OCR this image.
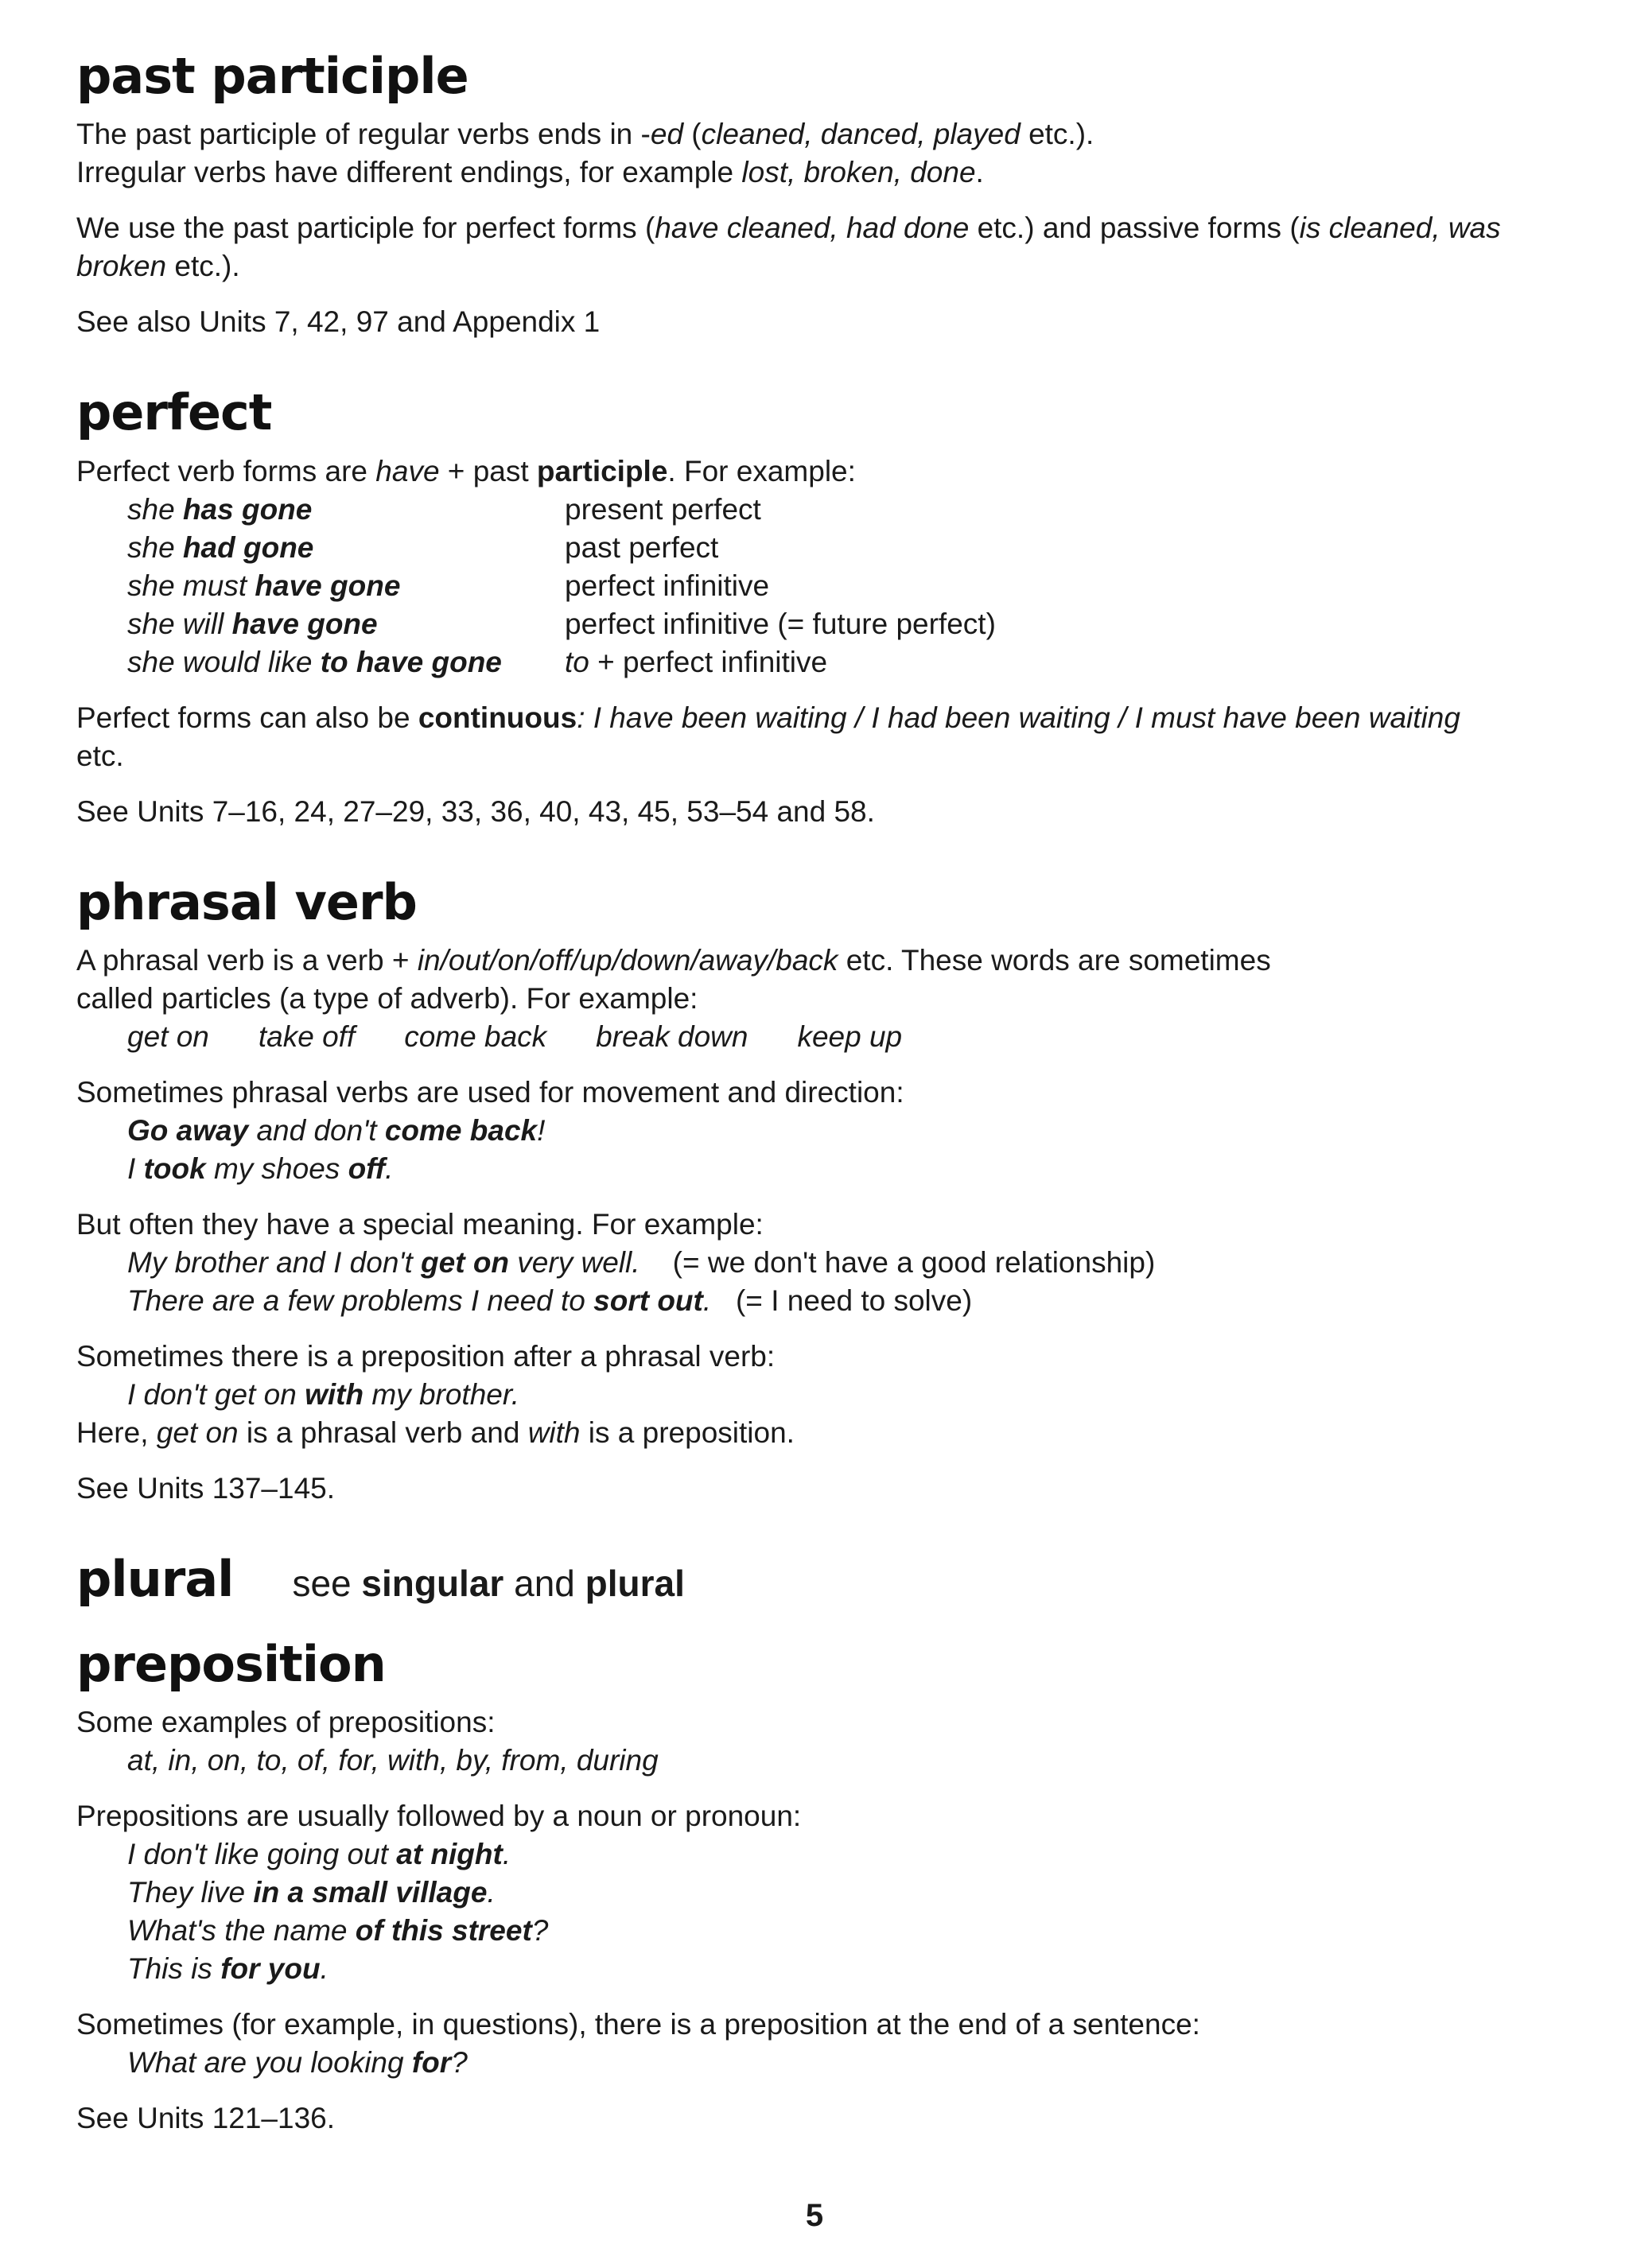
past participle

The past participle of regular verbs ends in -ed (cleaned, danced, played etc.).

Irregular verbs have different endings, for example lost, broken, done.

We use the past participle for perfect forms (have cleaned, had done etc.) and passive forms (is cleaned, was
broken etc.).

See also Units 7, 42, 97 and Appendix 1

perfect

Perfect verb forms are have + past participle. For example:

she has gone	present perfect
she had gone	past perfect
she must have gone	perfect infinitive
she will have gone	perfect infinitive (= future perfect)
she would like to have gone	to + perfect infinitive

Perfect forms can also be continuous: I have been waiting / I had been waiting / I must have been waiting etc.

See Units 7–16, 24, 27–29, 33, 36, 40, 43, 45, 53–54 and 58.

phrasal verb

A phrasal verb is a verb + in/out/on/off/up/down/away/back etc. These words are sometimes

called particles (a type of adverb). For example:

get on take off come back break down keep up

Sometimes phrasal verbs are used for movement and direction:

Go away and don't come back!
I took my shoes off.

But often they have a special meaning. For example:

My brother and I don't get on very well.    (= we don't have a good relationship)
There are a few problems I need to sort out.   (= I need to solve)

Sometimes there is a preposition after a phrasal verb:

I don't get on with my brother.

Here, get on is a phrasal verb and with is a preposition.

See Units 137–145.

plural see singular and plural
preposition

Some examples of prepositions:

at, in, on, to, of, for, with, by, from, during

Prepositions are usually followed by a noun or pronoun:

I don't like going out at night.
They live in a small village.
What's the name of this street?
This is for you.

Sometimes (for example, in questions), there is a preposition at the end of a sentence:

What are you looking for?

See Units 121–136.

5
